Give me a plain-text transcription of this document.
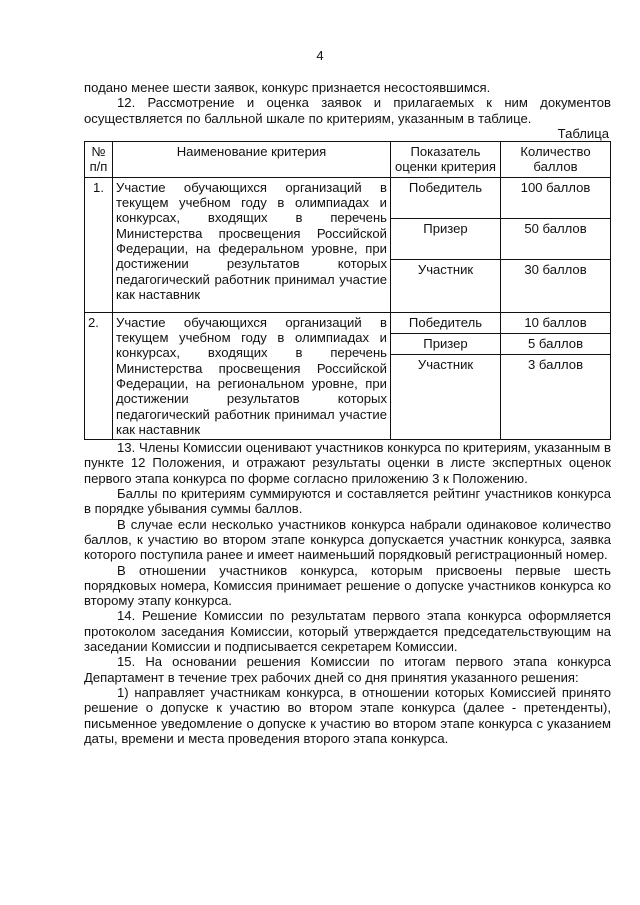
4

подано менее шести заявок, конкурс признается несостоявшимся.

12. Рассмотрение и оценка заявок и прилагаемых к ним документов осуществляется по балльной шкале по критериям, указанным в таблице.

Таблица

№ п/п	Наименование критерия	Показатель оценки критерия	Количество баллов
1.	Участие обучающихся организаций в текущем учебном году в олимпиадах и конкурсах, входящих в перечень Министерства просвещения Российской Федерации, на федеральном уровне, при достижении результатов которых педагогический работник принимал участие как наставник	Победитель	100 баллов
		Призер	50 баллов
		Участник	30 баллов
2.	Участие обучающихся организаций в текущем учебном году в олимпиадах и конкурсах, входящих в перечень Министерства просвещения Российской Федерации, на региональном уровне, при достижении результатов которых педагогический работник принимал участие как наставник	Победитель	10 баллов
		Призер	5 баллов
		Участник	3 баллов

13. Члены Комиссии оценивают участников конкурса по критериям, указанным в пункте 12 Положения, и отражают результаты оценки в листе экспертных оценок первого этапа конкурса по форме согласно приложению 3 к Положению.

Баллы по критериям суммируются и составляется рейтинг участников конкурса в порядке убывания суммы баллов.

В случае если несколько участников конкурса набрали одинаковое количество баллов, к участию во втором этапе конкурса допускается участник конкурса, заявка которого поступила ранее и имеет наименьший порядковый регистрационный номер.

В отношении участников конкурса, которым присвоены первые шесть порядковых номера, Комиссия принимает решение о допуске участников конкурса ко второму этапу конкурса.

14. Решение Комиссии по результатам первого этапа конкурса оформляется протоколом заседания Комиссии, который утверждается председательствующим на заседании Комиссии и подписывается секретарем Комиссии.

15. На основании решения Комиссии по итогам первого этапа конкурса Департамент в течение трех рабочих дней со дня принятия указанного решения:

1) направляет участникам конкурса, в отношении которых Комиссией принято решение о допуске к участию во втором этапе конкурса (далее - претенденты), письменное уведомление о допуске к участию во втором этапе конкурса с указанием даты, времени и места проведения второго этапа конкурса.
